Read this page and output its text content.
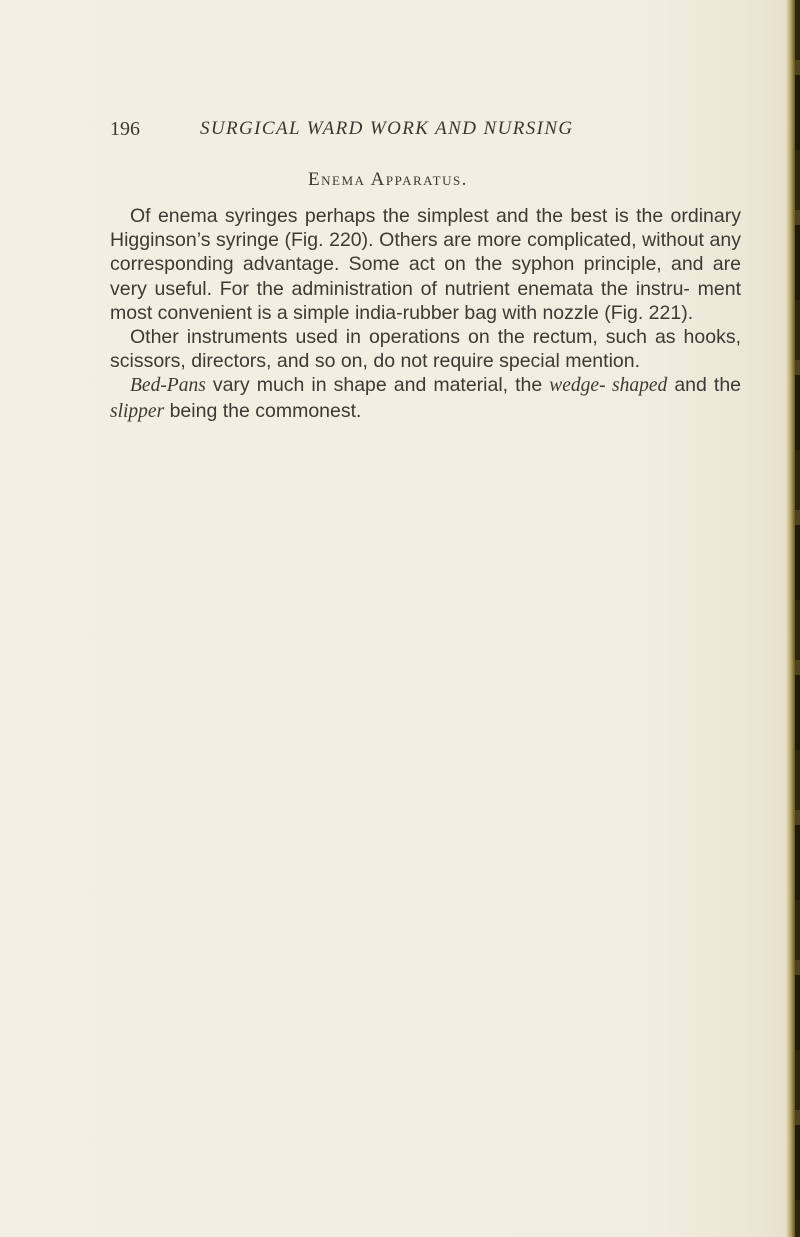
196	SURGICAL WARD WORK AND NURSING
Enema Apparatus.

Of enema syringes perhaps the simplest and the best is the ordinary Higginson’s syringe (Fig. 220). Others are more complicated, without any corresponding advantage. Some act on the syphon principle, and are very useful. For the administration of nutrient enemata the instru- ment most convenient is a simple india-rubber bag with nozzle (Fig. 221).

Other instruments used in operations on the rectum, such as hooks, scissors, directors, and so on, do not require special mention.

Bed-Pans vary much in shape and material, the wedge- shaped and the slipper being the commonest.
